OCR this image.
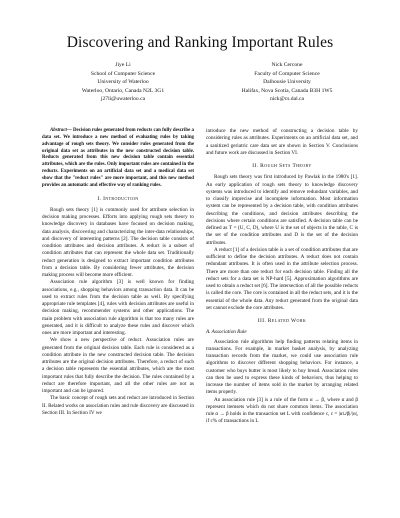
Discovering and Ranking Important Rules
Jiye Li
School of Computer Science
University of Waterloo
Waterloo, Ontario, Canada N2L 3G1
j27li@uwaterloo.ca
Nick Cercone
Faculty of Computer Science
Dalhousie University
Halifax, Nova Scotia, Canada B3H 1W5
nick@cs.dal.ca

Abstract— Decision rules generated from reducts can fully describe a data set. We introduce a new method of evaluating rules by taking advantage of rough sets theory. We consider rules generated from the original data set as attributes in the new constructed decision table. Reducts generated from this new decision table contain essential attributes, which are the rules. Only important rules are contained in the reducts. Experiments on an artificial data set and a medical data set show that the "reduct rules" are more important, and this new method provides an automatic and effective way of ranking rules.

I. Introduction

Rough sets theory [1] is commonly used for attribute selection in decision making processes. Efforts into applying rough sets theory to knowledge discovery in databases have focused on decision making, data analysis, discovering and characterizing the inter-data relationships, and discovery of interesting patterns [2]. The decision table consists of condition attributes and decision attributes. A reduct is a subset of condition attributes that can represent the whole data set. Traditionally reduct generation is designed to extract important condition attributes from a decision table. By considering fewer attributes, the decision making process will become more efficient.

Association rule algorithm [3] is well known for finding associations, e.g., shopping behaviors among transaction data. It can be used to extract rules from the decision table as well. By specifying appropriate rule templates [4], rules with decision attributes are useful in decision making, recommender systems and other applications. The main problem with association rule algorithm is that too many rules are generated, and it is difficult to analyze these rules and discover which ones are more important and interesting.

We show a new perspective of reduct. Association rules are generated from the original decision table. Each rule is considered as a condition attribute in the new constructed decision table. The decision attributes are the original decision attributes. Therefore, a reduct of such a decision table represents the essential attributes, which are the most important rules that fully describe the decision. The rules contained by a reduct are therefore important, and all the other rules are not as important and can be ignored.

The basic concept of rough sets and reduct are introduced in Section II. Related works on association rules and rule discovery are discussed in Section III. In Section IV we

introduce the new method of constructing a decision table by considering rules as attributes. Experiments on an artificial data set, and a sanitized geriatric care data set are shown in Section V. Conclusions and future work are discussed in Section VI.

II. Rough Sets Theory

Rough sets theory was first introduced by Pawlak in the 1980's [1]. An early application of rough sets theory to knowledge discovery systems was introduced to identify and remove redundant variables, and to classify imprecise and incomplete information. Most information system can be represented by a decision table, with condition attributes describing the conditions, and decision attributes describing the decisions where certain conditions are satisfied. A decision table can be defined as T = (U, C, D), where U is the set of objects in the table, C is the set of the condition attributes and D is the set of the decision attributes.

A reduct [1] of a decision table is a set of condition attributes that are sufficient to define the decision attributes. A reduct does not contain redundant attributes. It is often used in the attribute selection process. There are more than one reduct for each decision table. Finding all the reduct sets for a data set is NP-hard [5]. Approximation algorithms are used to obtain a reduct set [6]. The intersection of all the possible reducts is called the core. The core is contained in all the reduct sets, and it is the essential of the whole data. Any reduct generated from the original data set cannot exclude the core attributes.

III. Related Work
A. Association Rule

Association rule algorithms help finding patterns relating items in transactions. For example, in market basket analysis, by analyzing transaction records from the market, we could use association rule algorithms to discover different shopping behaviors. For instance, a customer who buys butter is most likely to buy bread. Association rules can then be used to express these kinds of behaviors, thus helping to increase the number of items sold in the market by arranging related items properly.

An association rule [3] is a rule of the form α → β, where α and β represent itemsets which do not share common items. The association rule α → β holds in the transaction set L with confidence c, c = |α∪β|/|α|, if c% of transactions in L
